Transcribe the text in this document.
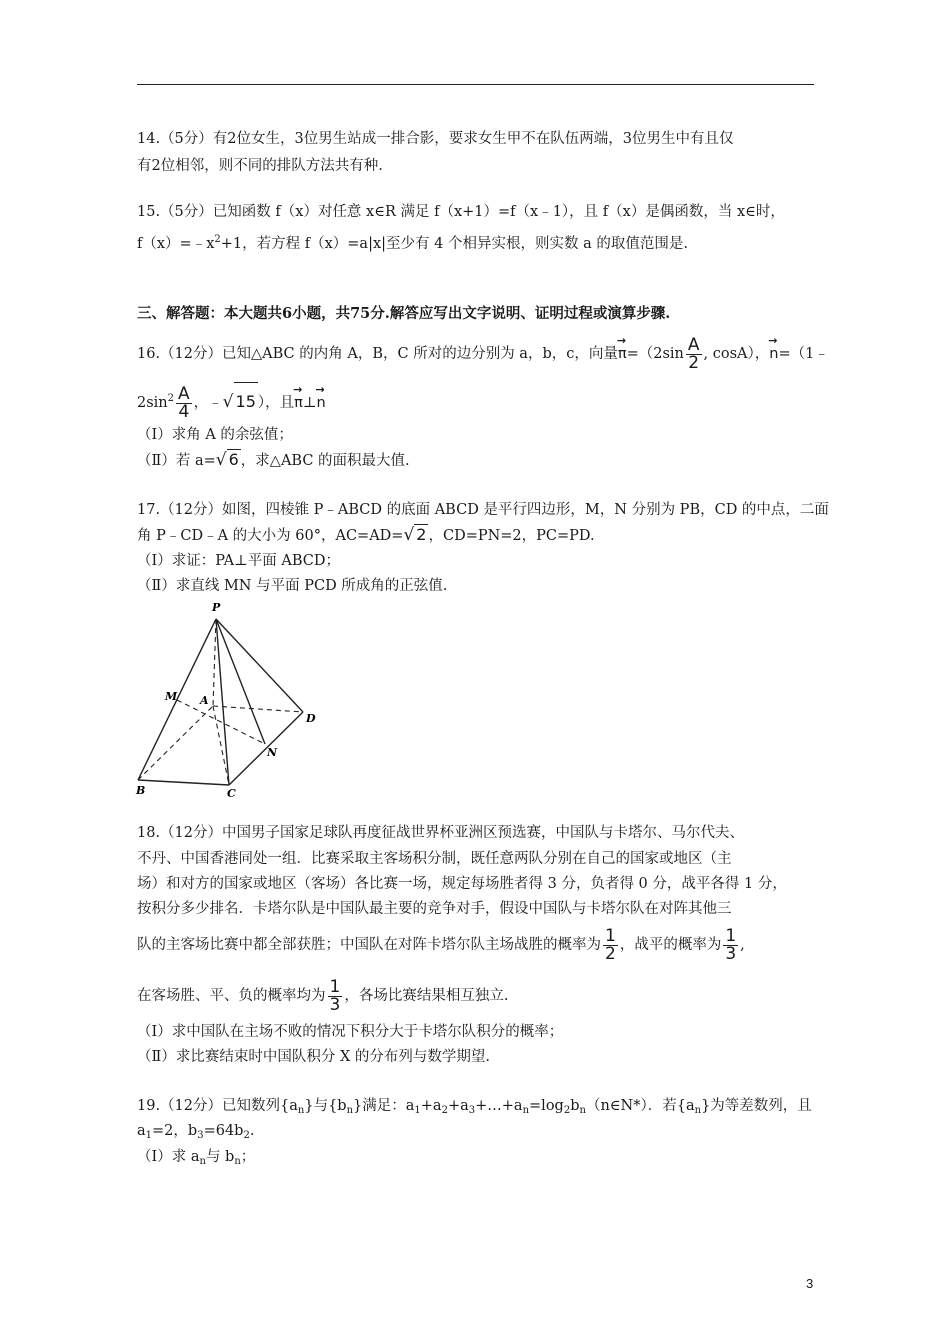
14.（5分）有2位女生，3位男生站成一排合影，要求女生甲不在队伍两端，3位男生中有且仅
有2位相邻，则不同的排队方法共有种.
15.（5分）已知函数 f（x）对任意 x∈R 满足 f（x+1）=f（x﹣1），且 f（x）是偶函数，当 x∈时，
$f(x)=﹣x^2+1$，若方程 f（x）=a|x|至少有 4 个相异实根，则实数 a 的取值范围是.
三、解答题：本大题共6小题，共75分.解答应写出文字说明、证明过程或演算步骤.
16.（12分）已知△ABC 的内角 A，B，C 所对的边分别为 a，b，c，向量→ $\pi=(2\sin \frac{A}{2}$ , cosA），→ n=（1﹣
$2\sin^2 \frac{A}{4}$ ，﹣√ 15 ），且→ π⊥→ n
（Ⅰ）求角 A 的余弦值；
（Ⅱ）若 a=√ 6 ，求△ABC 的面积最大值.
17.（12分）如图，四棱锥 P﹣ABCD 的底面 ABCD 是平行四边形，M，N 分别为 PB，CD 的中点，二面
角 P﹣CD﹣A 的大小为 60°，AC=AD=√ 2 ，CD=PN=2，PC=PD.
（Ⅰ）求证：PA⊥平面 ABCD；
（Ⅱ）求直线 MN 与平面 PCD 所成角的正弦值.
P
M A
D
N
B	C
18.（12分）中国男子国家足球队再度征战世界杯亚洲区预选赛，中国队与卡塔尔、马尔代夫、
不丹、中国香港同处一组．比赛采取主客场积分制，既任意两队分别在自己的国家或地区（主
场）和对方的国家或地区（客场）各比赛一场，规定每场胜者得 3 分，负者得 0 分，战平各得 1 分，
按积分多少排名．卡塔尔队是中国队最主要的竞争对手，假设中国队与卡塔尔队在对阵其他三
队的主客场比赛中都全部获胜；中国队在对阵卡塔尔队主场战胜的概率为 $\frac{1}{2}$ ，战平的概率为 $\frac{1}{3}$ ,
在客场胜、平、负的概率均为 $\frac{1}{3}$ ，各场比赛结果相互独立.
（Ⅰ）求中国队在主场不败的情况下积分大于卡塔尔队积分的概率；
（Ⅱ）求比赛结束时中国队积分 X 的分布列与数学期望.
19.（12分）已知数列$\{a_n\}$与$\{b_n\}$满足：$a_1+a_2+a_3+\dots+a_n=\log_2b_n(n\in N*)$．若$\{a_n\}$为等差数列，且
$a_1=2$，$b_3=64b_2$.
（Ⅰ）求 $a_n$与 $b_n$；
3
